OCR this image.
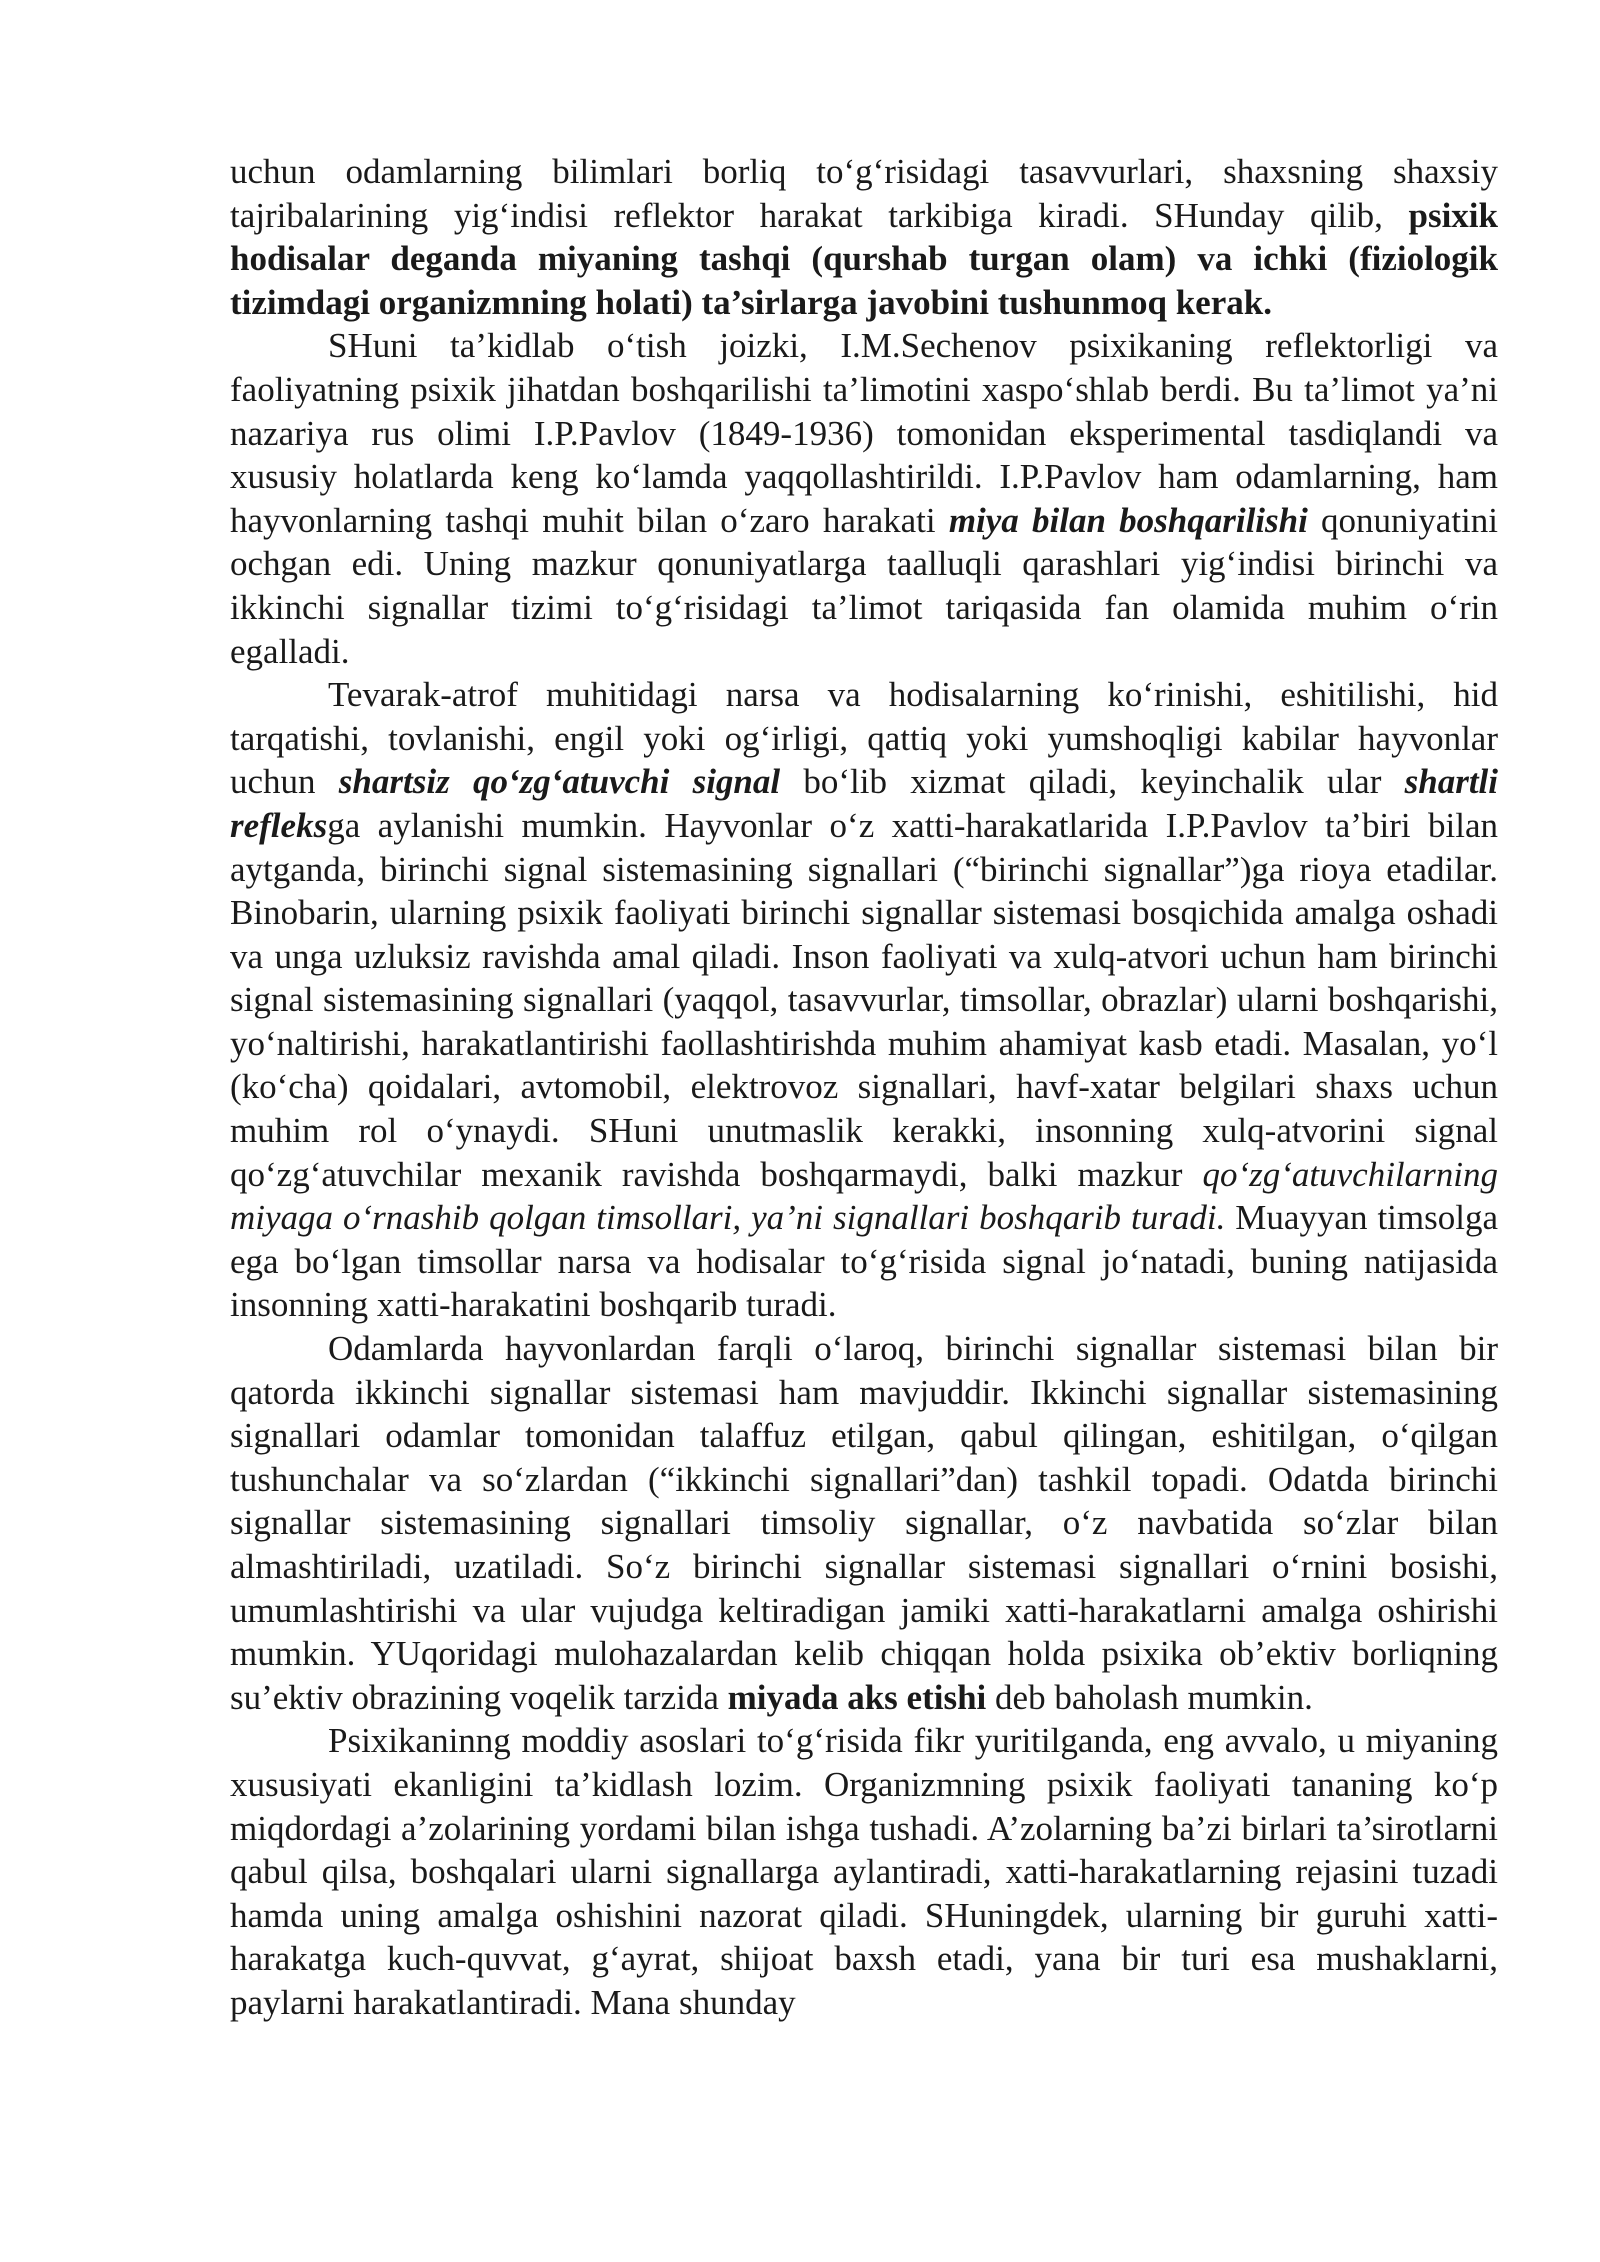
uchun odamlarning bilimlari borliq to‘g‘risidagi tasavvurlari, shaxsning shaxsiy tajribalarining yig‘indisi reflektor harakat tarkibiga kiradi. SHunday qilib, psixik hodisalar deganda miyaning tashqi (qurshab turgan olam) va ichki (fiziologik tizimdagi organizmning holati) ta’sirlarga javobini tushunmoq kerak.

SHuni ta’kidlab o‘tish joizki, I.M.Sechenov psixikaning reflektorligi va faoliyatning psixik jihatdan boshqarilishi ta’limotini xaspo‘shlab berdi. Bu ta’limot ya’ni nazariya rus olimi I.P.Pavlov (1849-1936) tomonidan eksperimental tasdiqlandi va xususiy holatlarda keng ko‘lamda yaqqollashtirildi. I.P.Pavlov ham odamlarning, ham hayvonlarning tashqi muhit bilan o‘zaro harakati miya bilan boshqarilishi qonuniyatini ochgan edi. Uning mazkur qonuniyatlarga taalluqli qarashlari yig‘indisi birinchi va ikkinchi signallar tizimi to‘g‘risidagi ta’limot tariqasida fan olamida muhim o‘rin egalladi.

Tevarak-atrof muhitidagi narsa va hodisalarning ko‘rinishi, eshitilishi, hid tarqatishi, tovlanishi, engil yoki og‘irligi, qattiq yoki yumshoqligi kabilar hayvonlar uchun shartsiz qo‘zg‘atuvchi signal bo‘lib xizmat qiladi, keyinchalik ular shartli refleksga aylanishi mumkin. Hayvonlar o‘z xatti-harakatlarida I.P.Pavlov ta’biri bilan aytganda, birinchi signal sistemasining signallari (“birinchi signallar”)ga rioya etadilar. Binobarin, ularning psixik faoliyati birinchi signallar sistemasi bosqichida amalga oshadi va unga uzluksiz ravishda amal qiladi. Inson faoliyati va xulq-atvori uchun ham birinchi signal sistemasining signallari (yaqqol, tasavvurlar, timsollar, obrazlar) ularni boshqarishi, yo‘naltirishi, harakatlantirishi faollashtirishda muhim ahamiyat kasb etadi. Masalan, yo‘l (ko‘cha) qoidalari, avtomobil, elektrovoz signallari, havf-xatar belgilari shaxs uchun muhim rol o‘ynaydi. SHuni unutmaslik kerakki, insonning xulq-atvorini signal qo‘zg‘atuvchilar mexanik ravishda boshqarmaydi, balki mazkur qo‘zg‘atuvchilarning miyaga o‘rnashib qolgan timsollari, ya’ni signallari boshqarib turadi. Muayyan timsolga ega bo‘lgan timsollar narsa va hodisalar to‘g‘risida signal jo‘natadi, buning natijasida insonning xatti-harakatini boshqarib turadi.

Odamlarda hayvonlardan farqli o‘laroq, birinchi signallar sistemasi bilan bir qatorda ikkinchi signallar sistemasi ham mavjuddir. Ikkinchi signallar sistemasining signallari odamlar tomonidan talaffuz etilgan, qabul qilingan, eshitilgan, o‘qilgan tushunchalar va so‘zlardan (“ikkinchi signallari”dan) tashkil topadi. Odatda birinchi signallar sistemasining signallari timsoliy signallar, o‘z navbatida so‘zlar bilan almashtiriladi, uzatiladi. So‘z birinchi signallar sistemasi signallari o‘rnini bosishi, umumlashtirishi va ular vujudga keltiradigan jamiki xatti-harakatlarni amalga oshirishi mumkin. YUqoridagi mulohazalardan kelib chiqqan holda psixika ob’ektiv borliqning su’ektiv obrazining voqelik tarzida miyada aks etishi deb baholash mumkin.

Psixikaninng moddiy asoslari to‘g‘risida fikr yuritilganda, eng avvalo, u miyaning xususiyati ekanligini ta’kidlash lozim. Organizmning psixik faoliyati tananing ko‘p miqdordagi a’zolarining yordami bilan ishga tushadi. A’zolarning ba’zi birlari ta’sirotlarni qabul qilsa, boshqalari ularni signallarga aylantiradi, xatti-harakatlarning rejasini tuzadi hamda uning amalga oshishini nazorat qiladi. SHuningdek, ularning bir guruhi xatti-harakatga kuch-quvvat, g‘ayrat, shijoat baxsh etadi, yana bir turi esa mushaklarni, paylarni harakatlantiradi. Mana shunday
